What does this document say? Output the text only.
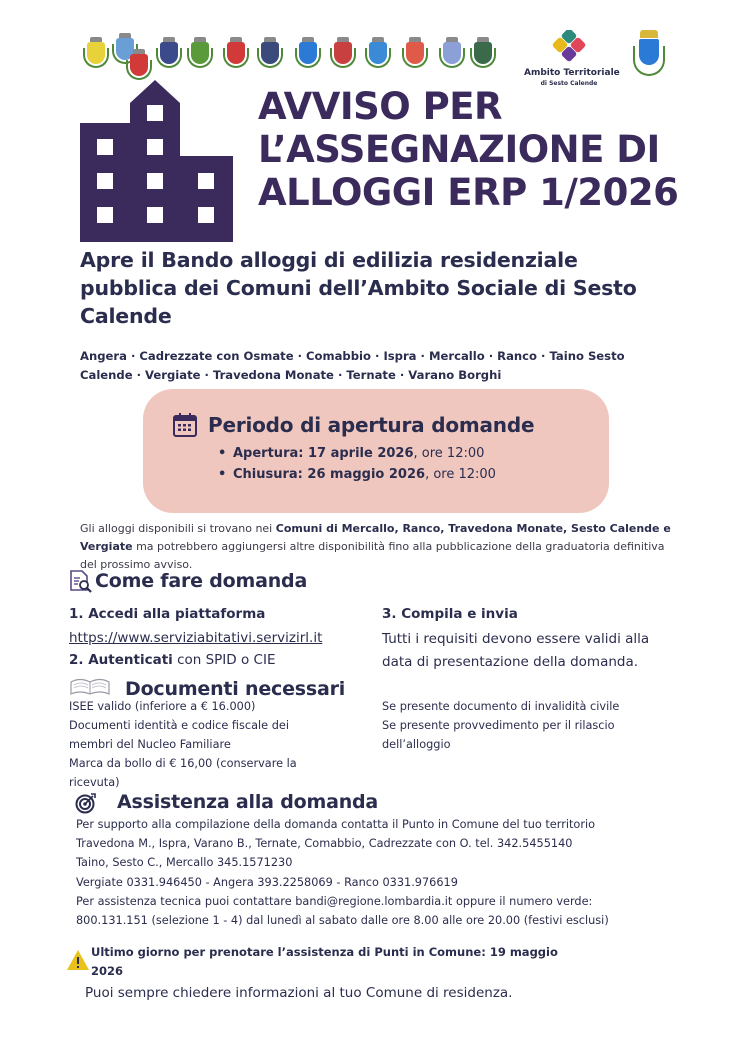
Ambito Territoriale
di Sesto Calende
AVVISO PER
L’ASSEGNAZIONE DI
ALLOGGI ERP 1/2026
Apre il Bando alloggi di edilizia residenziale pubblica dei Comuni dell’Ambito Sociale di Sesto Calende
Angera · Cadrezzate con Osmate · Comabbio · Ispra · Mercallo · Ranco · Taino Sesto Calende · Vergiate · Travedona Monate · Ternate · Varano Borghi
Periodo di apertura domande
• Apertura: 17 aprile 2026, ore 12:00
• Chiusura: 26 maggio 2026, ore 12:00
Gli alloggi disponibili si trovano nei Comuni di Mercallo, Ranco, Travedona Monate, Sesto Calende e Vergiate ma potrebbero aggiungersi altre disponibilità fino alla pubblicazione della graduatoria definitiva del prossimo avviso.
Come fare domanda
1. Accedi alla piattaforma
https://www.serviziabitativi.servizirl.it
2. Autenticati con SPID o CIE
3. Compila e invia
Tutti i requisiti devono essere validi alla data di presentazione della domanda.
Documenti necessari
ISEE valido (inferiore a € 16.000)
Documenti identità e codice fiscale dei membri del Nucleo Familiare
Marca da bollo di € 16,00 (conservare la ricevuta)
Se presente documento di invalidità civile
Se presente provvedimento per il rilascio dell’alloggio
Assistenza alla domanda
Per supporto alla compilazione della domanda contatta il Punto in Comune del tuo territorio
Travedona M., Ispra, Varano B., Ternate, Comabbio, Cadrezzate con O. tel. 342.5455140
Taino, Sesto C., Mercallo 345.1571230
Vergiate 0331.946450 - Angera 393.2258069 - Ranco 0331.976619
Per assistenza tecnica puoi contattare bandi@regione.lombardia.it oppure il numero verde:
800.131.151 (selezione 1 - 4) dal lunedì al sabato dalle ore 8.00 alle ore 20.00 (festivi esclusi)
Ultimo giorno per prenotare l’assistenza di Punti in Comune: 19 maggio 2026
Puoi sempre chiedere informazioni al tuo Comune di residenza.
